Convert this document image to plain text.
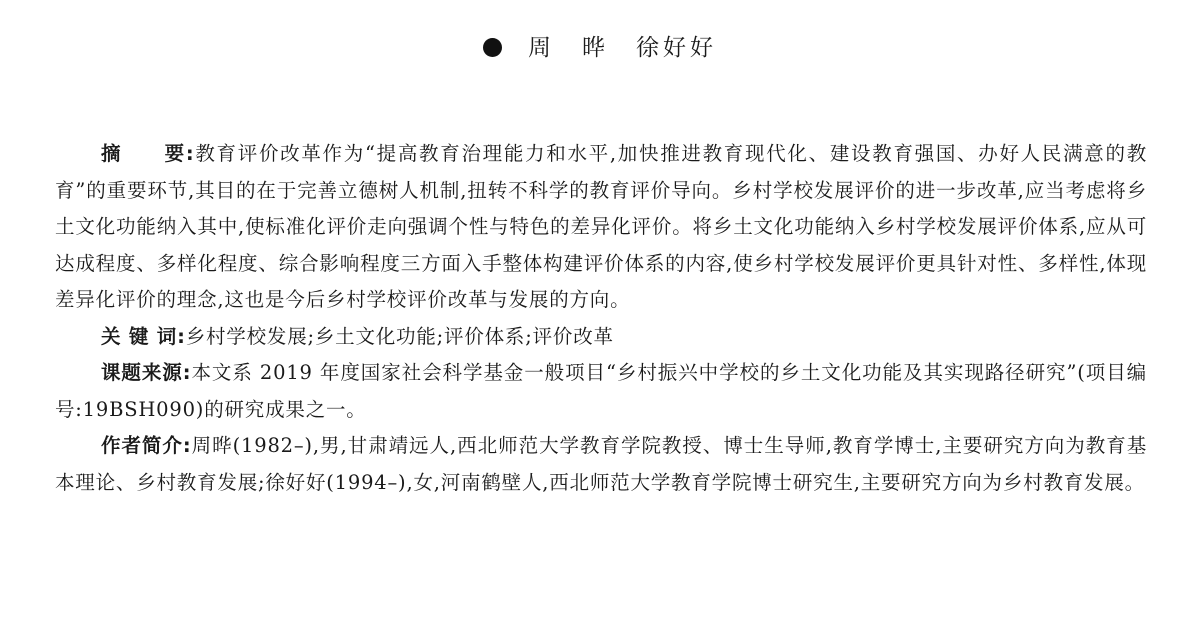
周　晔　徐好好

摘　　要:教育评价改革作为“提高教育治理能力和水平,加快推进教育现代化、建设教育强国、办好人民满意的教育”的重要环节,其目的在于完善立德树人机制,扭转不科学的教育评价导向。乡村学校发展评价的进一步改革,应当考虑将乡土文化功能纳入其中,使标准化评价走向强调个性与特色的差异化评价。将乡土文化功能纳入乡村学校发展评价体系,应从可达成程度、多样化程度、综合影响程度三方面入手整体构建评价体系的内容,使乡村学校发展评价更具针对性、多样性,体现差异化评价的理念,这也是今后乡村学校评价改革与发展的方向。

关 键 词:乡村学校发展;乡土文化功能;评价体系;评价改革

课题来源:本文系 2019 年度国家社会科学基金一般项目“乡村振兴中学校的乡土文化功能及其实现路径研究”(项目编号:19BSH090)的研究成果之一。

作者简介:周晔(1982–),男,甘肃靖远人,西北师范大学教育学院教授、博士生导师,教育学博士,主要研究方向为教育基本理论、乡村教育发展;徐好好(1994–),女,河南鹤壁人,西北师范大学教育学院博士研究生,主要研究方向为乡村教育发展。
